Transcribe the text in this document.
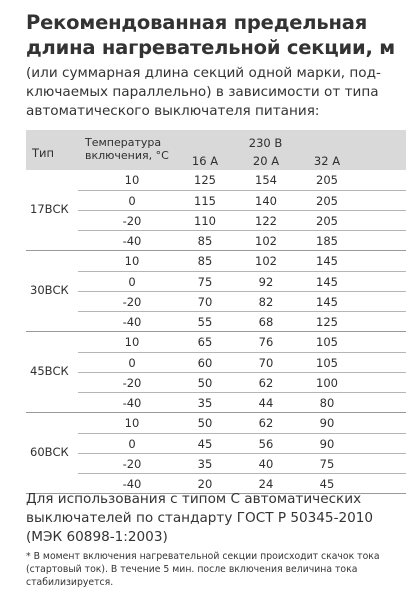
Рекомендованная предельная
длина нагревательной секции, м
(или суммарная длина секций одной марки, под-
ключаемых параллельно) в зависимости от типа
автоматического выключателя питания:
Тип
Температура
включения, °С
230 В
16 А	20 А	32 А
17ВСК
10	125	154	205
0	115	140	205
-20	110	122	205
-40	85	102	185
30ВСК
10	85	102	145
0	75	92	145
-20	70	82	145
-40	55	68	125
45ВСК
10	65	76	105
0	60	70	105
-20	50	62	100
-40	35	44	80
60ВСК
10	50	62	90
0	45	56	90
-20	35	40	75
-40	20	24	45
Для использования с типом С автоматических
выключателей по стандарту ГОСТ Р 50345-2010
(МЭК 60898-1:2003)
* В момент включения нагревательной секции происходит скачок тока
(стартовый ток). В течение 5 мин. после включения величина тока
стабилизируется.
